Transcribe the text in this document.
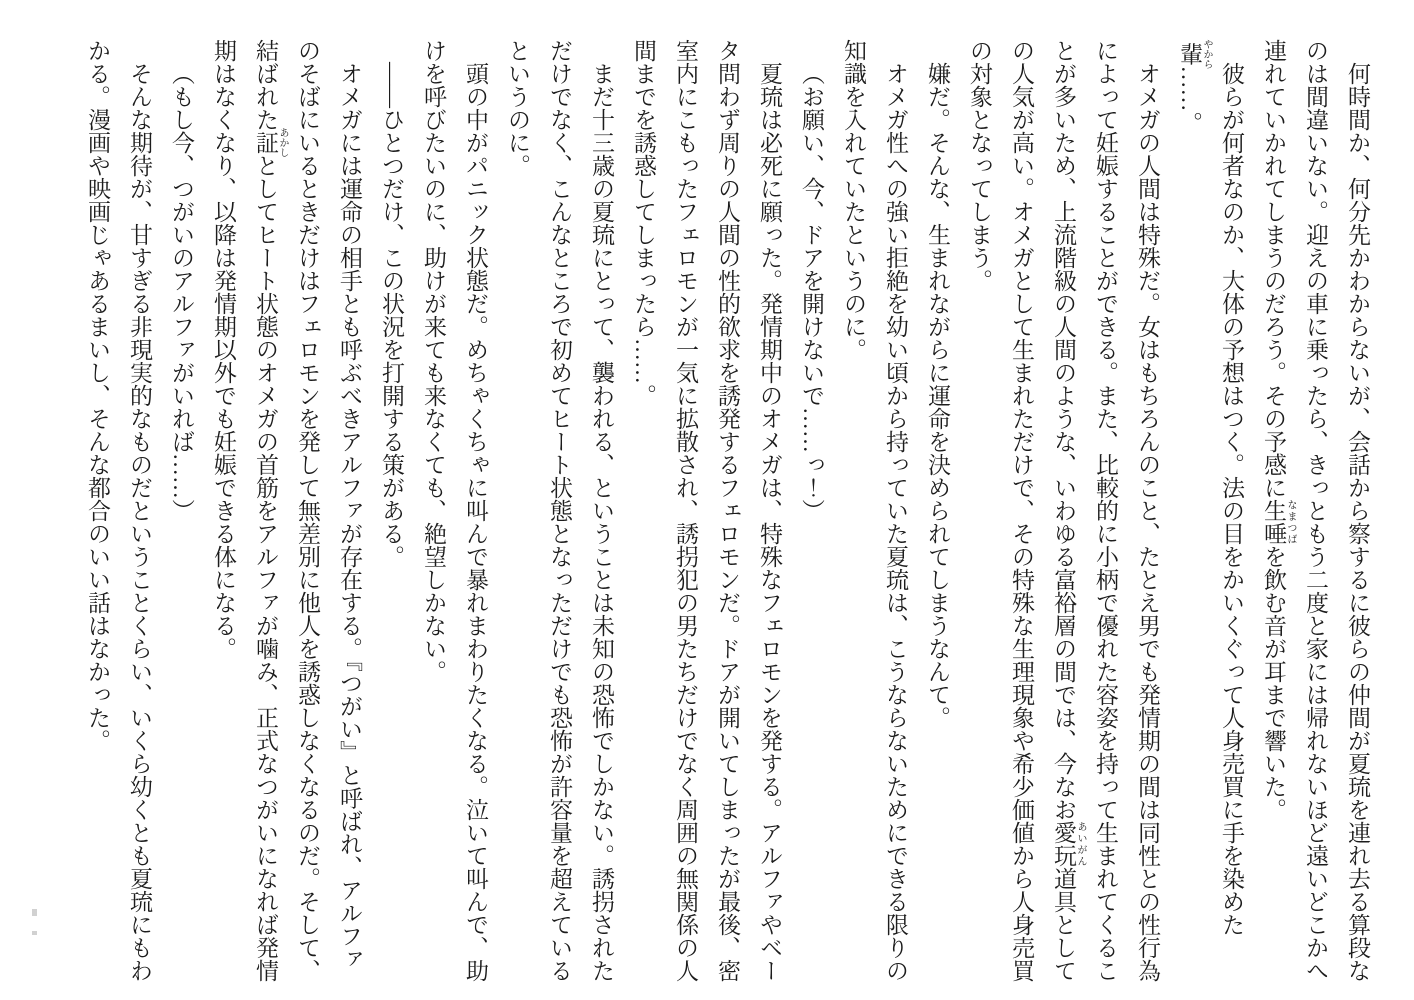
何時間か、何分先かわからないが、会話から察するに彼らの仲間が夏琉を連れ去る算段なのは間違いない。迎えの車に乗ったら、きっともう二度と家には帰れないほど遠いどこかへ連れていかれてしまうのだろう。その予感に生唾 なまつばを飲む音が耳まで響いた。

彼らが何者なのか、大体の予想はつく。法の目をかいくぐって人身売買に手を染めた輩 やから……。

オメガの人間は特殊だ。女はもちろんのこと、たとえ男でも発情期の間は同性との性行為によって妊娠することができる。また、比較的に小柄で優れた容姿を持って生まれてくることが多いため、上流階級の人間のような、いわゆる富裕層の間では、今なお愛玩 あいがん道具としての人気が高い。オメガとして生まれただけで、その特殊な生理現象や希少価値から人身売買の対象となってしまう。

嫌だ。そんな、生まれながらに運命を決められてしまうなんて。

オメガ性への強い拒絶を幼い頃から持っていた夏琉は、こうならないためにできる限りの知識を入れていたというのに。

（お願い、今、ドアを開けないで……っ！）

夏琉は必死に願った。発情期中のオメガは、特殊なフェロモンを発する。アルファやベータ問わず周りの人間の性的欲求を誘発するフェロモンだ。ドアが開いてしまったが最後、密室内にこもったフェロモンが一気に拡散され、誘拐犯の男たちだけでなく周囲の無関係の人間までを誘惑してしまったら……。

まだ十三歳の夏琉にとって、襲われる、ということは未知の恐怖でしかない。誘拐されただけでなく、こんなところで初めてヒート状態となっただけでも恐怖が許容量を超えているというのに。

頭の中がパニック状態だ。めちゃくちゃに叫んで暴れまわりたくなる。泣いて叫んで、助けを呼びたいのに、助けが来ても来なくても、絶望しかない。

――ひとつだけ、この状況を打開する策がある。

オメガには運命の相手とも呼ぶべきアルファが存在する。『つがい』と呼ばれ、アルファのそばにいるときだけはフェロモンを発して無差別に他人を誘惑しなくなるのだ。そして、結ばれた証 あかしとしてヒート状態のオメガの首筋をアルファが噛み、正式なつがいになれば発情期はなくなり、以降は発情期以外でも妊娠できる体になる。

（もし今、つがいのアルファがいれば……）

そんな期待が、甘すぎる非現実的なものだということくらい、いくら幼くとも夏琉にもわかる。漫画や映画じゃあるまいし、そんな都合のいい話はなかった。
